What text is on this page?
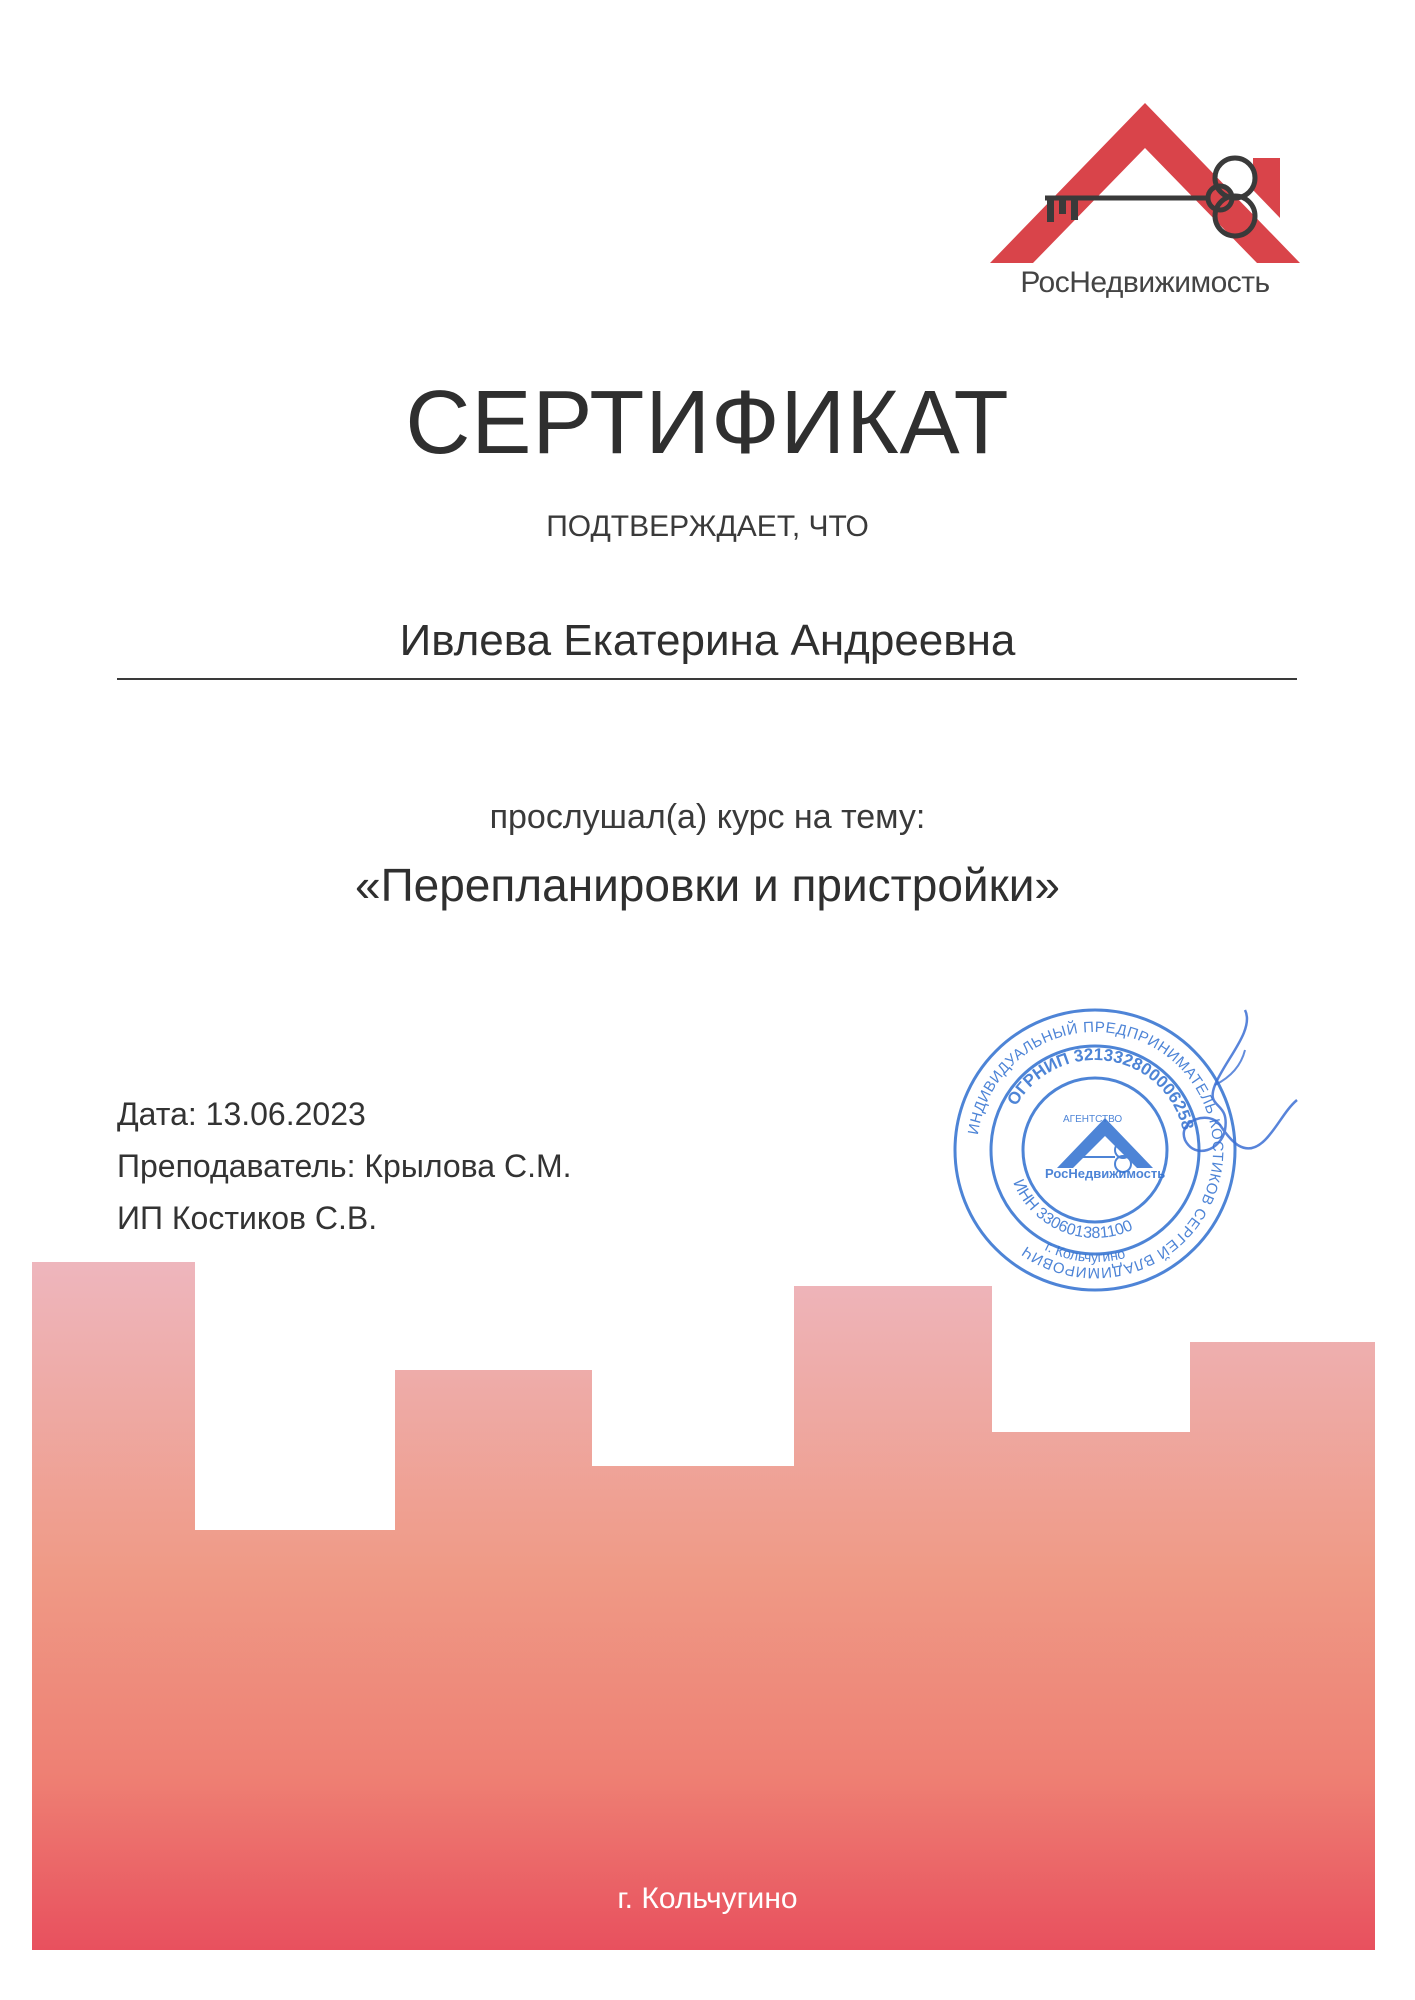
РосНедвижимость
СЕРТИФИКАТ
ПОДТВЕРЖДАЕТ, ЧТО
Ивлева Екатерина Андреевна
прослушал(а) курс на тему:
«Перепланировки и пристройки»
Дата: 13.06.2023
Преподаватель: Крылова С.М.
ИП Костиков С.В.
ИНДИВИДУАЛЬНЫЙ ПРЕДПРИНИМАТЕЛЬ КОСТИКОВ СЕРГЕЙ ВЛАДИМИРОВИЧ
ОГРНИП 321332800006258
ИНН 330601381100
г. Кольчугино
АГЕНТСТВО
РосНедвижимость
г. Кольчугино
